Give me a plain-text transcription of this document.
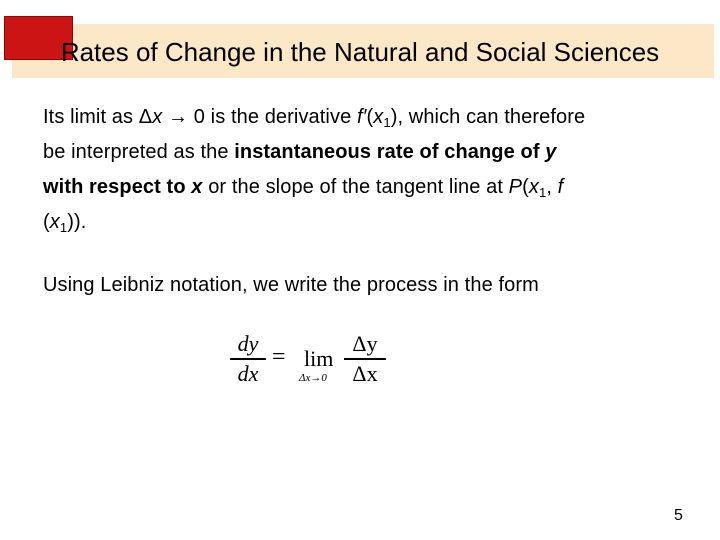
Rates of Change in the Natural and Social Sciences
Its limit as Δx → 0 is the derivative $f'(x_1)$, which can therefore
be interpreted as the instantaneous rate of change of y
with respect to x or the slope of the tangent line at $P(x_1$, f
$(x_1)$).
Using Leibniz notation, we write the process in the form
dy
dx
= lim
Δx→0
Δy
Δx
5
